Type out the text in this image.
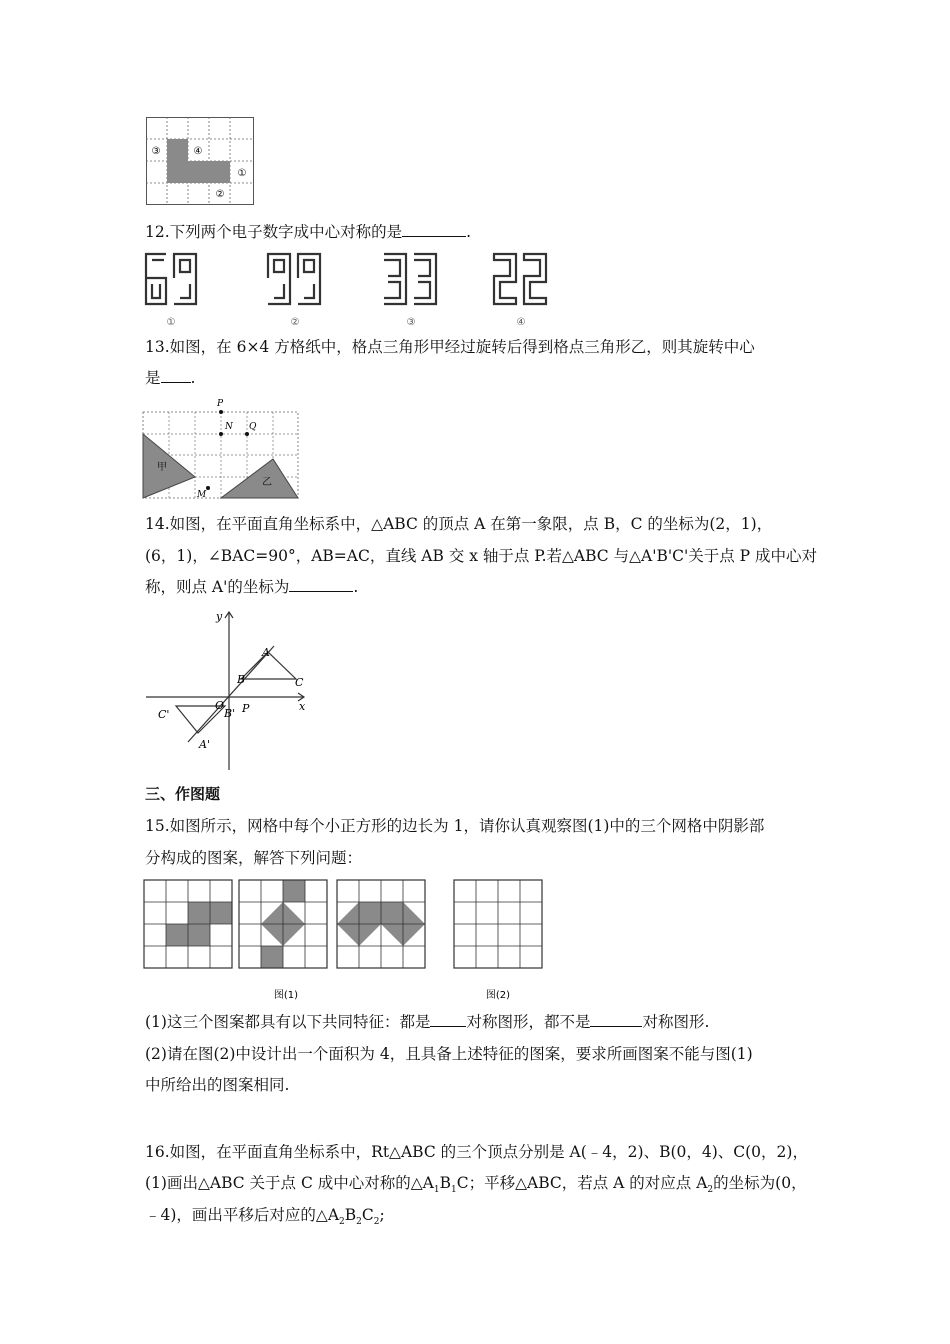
③	④
①
②
12.下列两个电子数字成中心对称的是	.
①	②	③	④
13.如图，在 6×4 方格纸中，格点三角形甲经过旋转后得到格点三角形乙，则其旋转中心
是 .
甲
乙
P
N Q
M
14.如图，在平面直角坐标系中，△ABC 的顶点 A 在第一象限，点 B，C 的坐标为(2，1)，
(6，1)，∠BAC=90°，AB=AC，直线 AB 交 x 轴于点 P.若△ABC 与△A'B'C'关于点 P 成中心对
称，则点 A'的坐标为	.
y
x
O
A
B	C
P
A'
B'
C'
三、作图题
15.如图所示，网格中每个小正方形的边长为 1，请你认真观察图(1)中的三个网格中阴影部
分构成的图案，解答下列问题：
图(1)	图(2)
(1)这三个图案都具有以下共同特征：都是 对称图形，都不是	对称图形.
(2)请在图(2)中设计出一个面积为 4，且具备上述特征的图案，要求所画图案不能与图(1)
中所给出的图案相同.
16.如图，在平面直角坐标系中，Rt△ABC 的三个顶点分别是 A(﹣4，2)、B(0，4)、C(0，2)，
(1)画出△ABC 关于点 C 成中心对称的$\triangle A_1B_1C$；平移△ABC，若点 A 的对应点 $A_2$的坐标为(0，
﹣4)，画出平移后对应的$\triangle A_2B_2C_2$;
